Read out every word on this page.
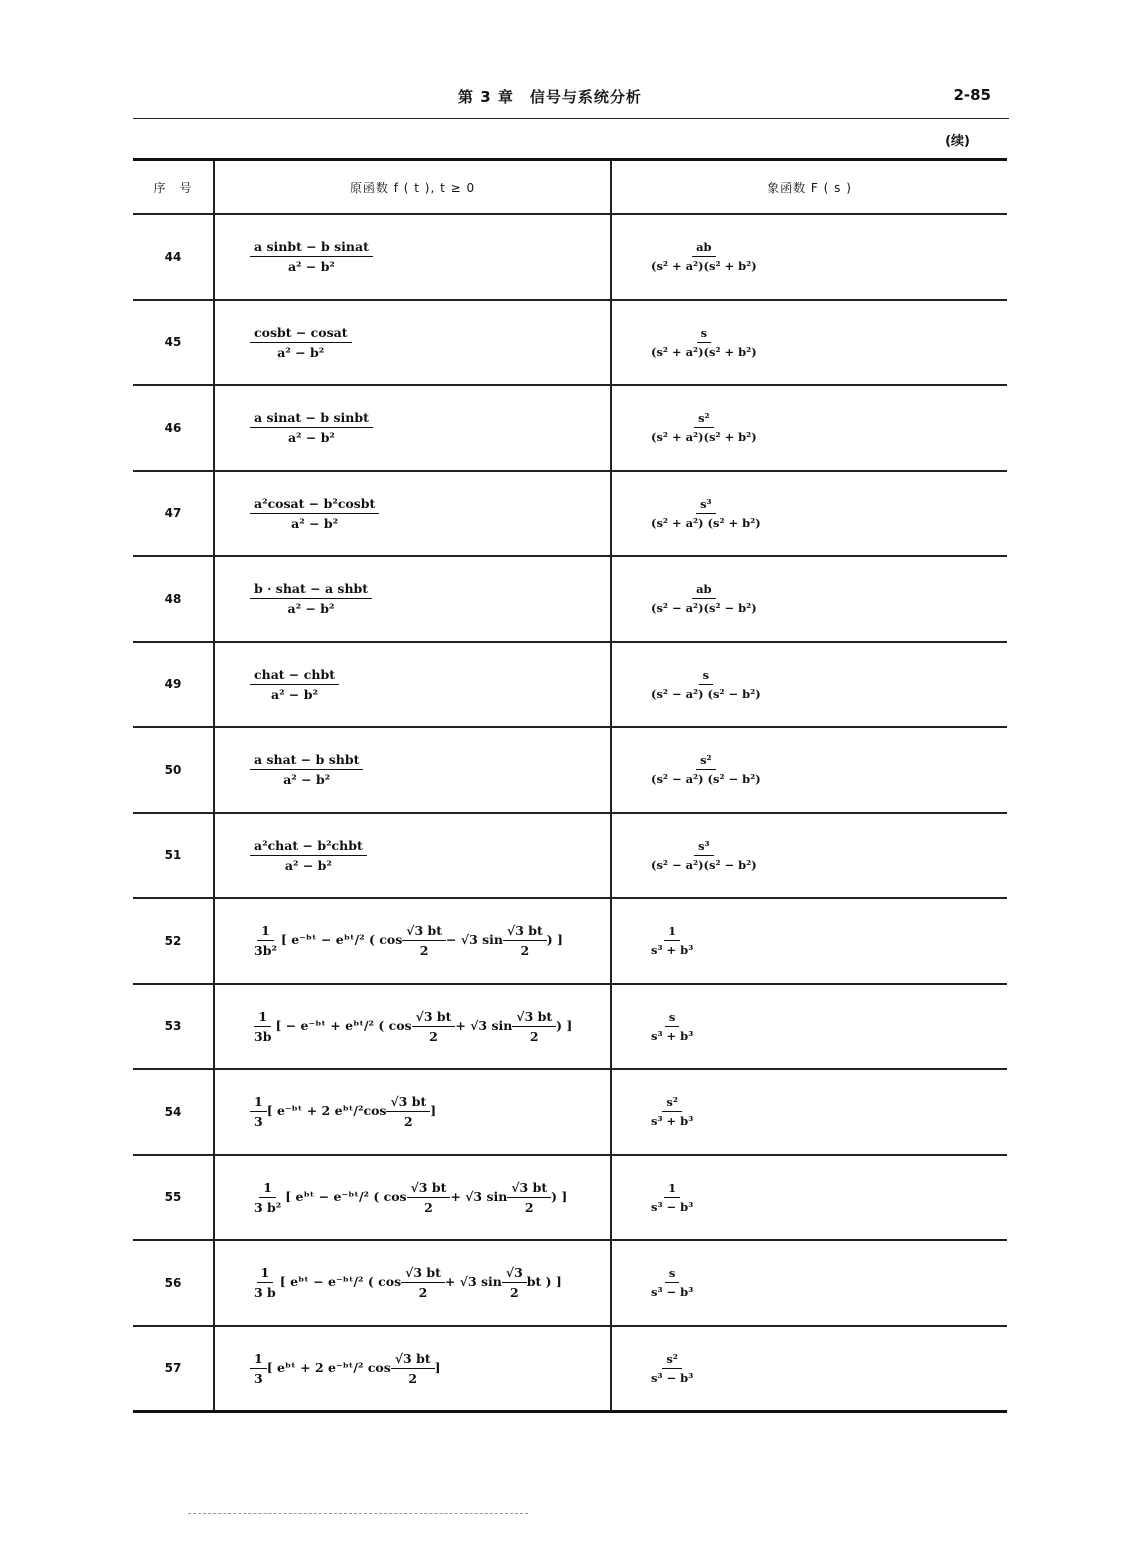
第 3 章　信号与系统分析	2-85
(续)
序　号	原函数 f ( t ), t ≥ 0	象函数 F ( s )
44	$\frac{\text{a sinbt − b sinat}}{\text{a² − b²}}$	$\frac{ab}{\text{(s² + a²)(s² + b²)}}$
45	$\frac{\text{cosbt − cosat}}{\text{a² − b²}}$	$\frac{s}{\text{(s² + a²)(s² + b²)}}$
46	$\frac{\text{a sinat − b sinbt}}{\text{a² − b²}}$	$\frac{\text{s²}}{\text{(s² + a²)(s² + b²)}}$
47	$\frac{\text{a²cosat − b²cosbt}}{\text{a² − b²}}$	$\frac{\text{s³}}{\text{(s² + a²) (s² + b²)}}$
48	$\frac{\text{b · shat − a shbt}}{\text{a² − b²}}$	$\frac{ab}{\text{(s² − a²)(s² − b²)}}$
49	$\frac{\text{chat − chbt}}{\text{a² − b²}}$	$\frac{s}{\text{(s² − a²) (s² − b²)}}$
50	$\frac{\text{a shat − b shbt}}{\text{a² − b²}}$	$\frac{\text{s²}}{\text{(s² − a²) (s² − b²)}}$
51	$\frac{\text{a²chat − b²chbt}}{\text{a² − b²}}$	$\frac{\text{s³}}{\text{(s² − a²)(s² − b²)}}$
52	$\frac{1}{\text{3b²}}$ [ e⁻ᵇᵗ − eᵇᵗ/² ( $\cos \frac{√3 bt}{2} - √3$ $\sin \frac{√3 bt}{2}$ ) ]	$\frac{1}{\text{s³ + b³}}$
53	$\frac{1}{3b}$ [ − e⁻ᵇᵗ + eᵇᵗ/² ( $\cos \frac{√3 bt}{2} + √3$ $\sin \frac{√3 bt}{2}$ ) ]	$\frac{s}{\text{s³ + b³}}$
54	$\frac{1}{3}$ [ e⁻ᵇᵗ + 2 eᵇᵗ/²cos $\frac{√3 bt}{2}$ ]	$\frac{\text{s²}}{\text{s³ + b³}}$
55	$\frac{1}{\text{3 b²}}$ [ eᵇᵗ − e⁻ᵇᵗ/² ( $\cos \frac{√3 bt}{2} + √3$ $\sin \frac{√3 bt}{2}$ ) ]	$\frac{1}{\text{s³ − b³}}$
56	$\frac{1}{3 b}$ [ eᵇᵗ − e⁻ᵇᵗ/² ( $\cos \frac{√3 bt}{2} + √3$ $\sin \frac{√3}{2}$ bt ) ]	$\frac{s}{\text{s³ − b³}}$
57	$\frac{1}{3}$ [ eᵇᵗ + 2 e⁻ᵇᵗ/² $\cos \frac{√3 bt}{2}$ ]	$\frac{\text{s²}}{\text{s³ − b³}}$
